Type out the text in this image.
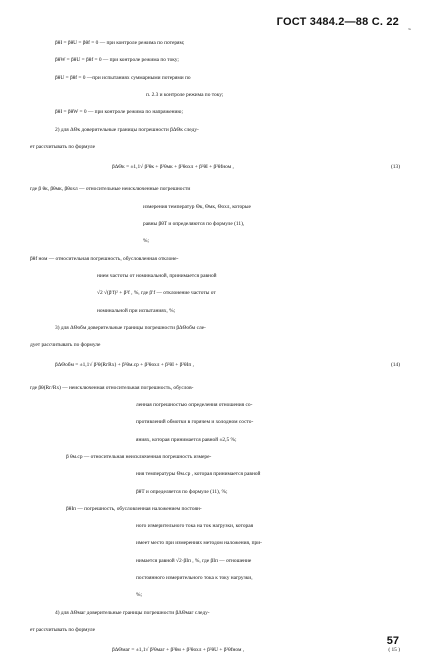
ГОСТ 3484.2—88 С. 22
˜
βθI = βθU = βθf = 0 — при контроле режима по потерям;
βθW = βθU = βθf = 0 — при контроле режима по току;
βθU = βθf = 0 —при испытаниях суммарными потерями по
п. 2.3 и контроле режима по току;
βθI = βθW = 0 — при контроле режима по напряжению;
2) для ΔΘк доверительные границы погрешности βΔΘк следу-
ет рассчитывать по формуле
βΔΘк = ±1,1√ β²θк + β²θмк + β²θохл + β²θI + β²θfном ,	(13)
где β θк, βθмк, βθохл — относительные неисключенные погрешности
измерения температур Θк, Θмк, Θохл, которые
равны βθT и определяются по формуле (11),
%;
βθf ном — относительная погрешность, обусловленная отклоне-
нием частоты от номинальной, принимается равной
√2 √(β′f)² + β²f , %, где β′f — отклонение частоты от
номинальной при испытаниях, %;
3) для ΔΘобм доверительные границы погрешности βΔΘобм сле-
дует рассчитывать по формуле
βΔΘобм = ±1,1√ β²θ(RгRх) + β²θм.ср + β²θохл + β²θI + β²θIп ,	(14)
где βθ(Rг/Rх) — неисключенная относительная погрешность, обуслов-
ленная погрешностью определения отношения со-
противлений обмотки в горячем и холодном состо-
яниях, которая принимается равной ±2,5 %;
β θм.ср — относительная неисключенная погрешность измере-
ния температуры Θм.ср , которая принимается равной
βθT и определяется по формуле (11), %;
βθIп — погрешность, обусловленная наложением постоян-
ного измерительного тока на ток нагрузки, которая
имеет место при измерениях методом наложения, при-
нимается равной √2·βIп , %, где βIп — отношение
постоянного измерительного тока к току нагрузки,
%;
4) для ΔΘмаг доверительные границы погрешности βΔΘмаг следу-
ет рассчитывать по формуле
βΔΘмаг = ±1,1√ β²θмаг + β²θм + β²θохл + β²θU + β²θfном ,	( 15 )
57
